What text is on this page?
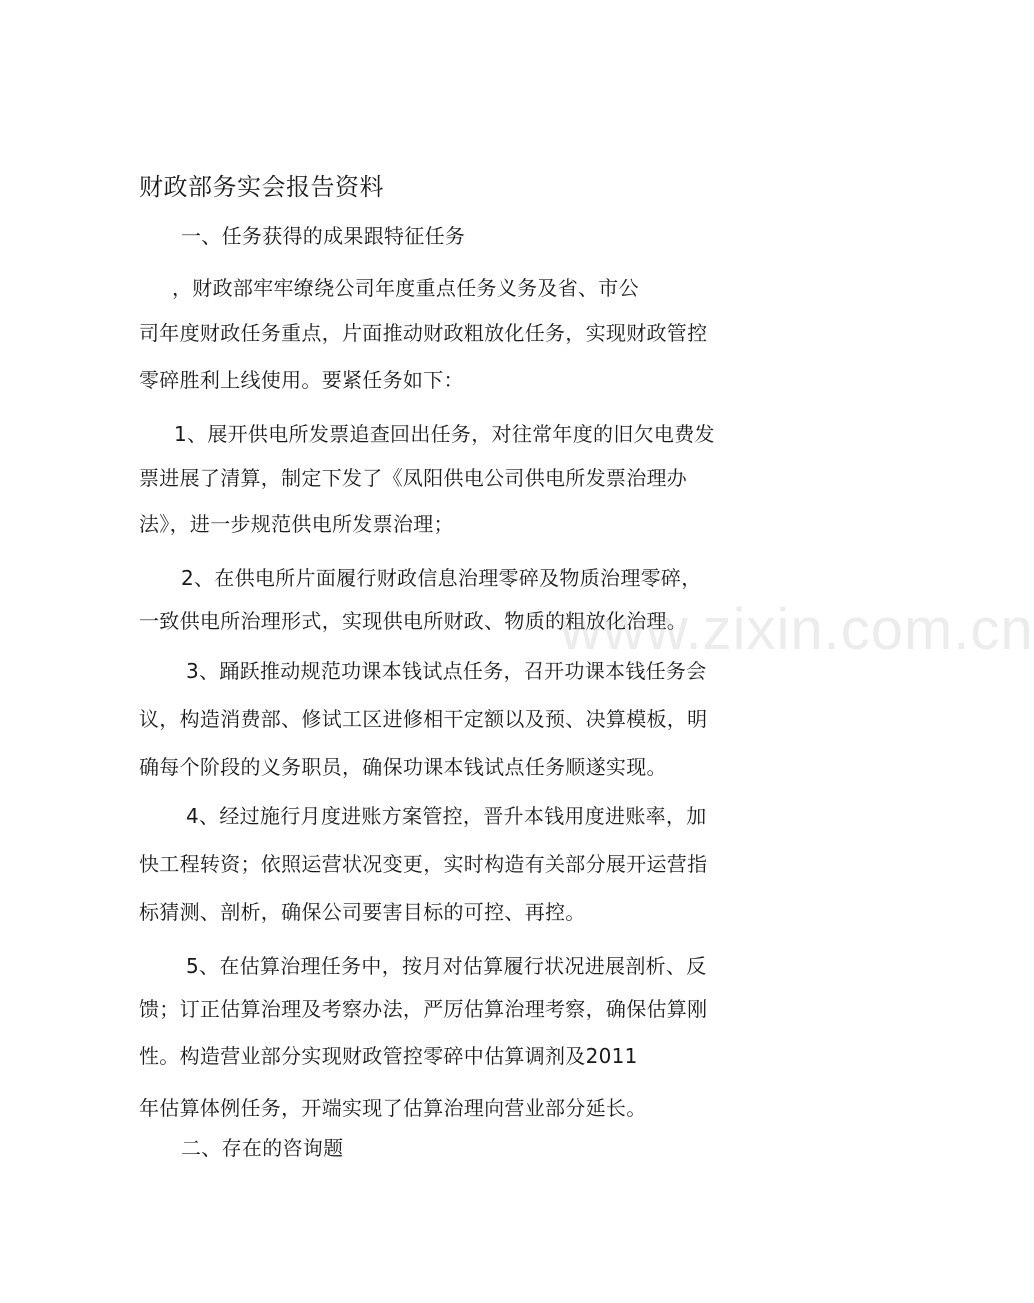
财政部务实会报告资料
一、任务获得的成果跟特征任务
，财政部牢牢缭绕公司年度重点任务义务及省、市公
司年度财政任务重点，片面推动财政粗放化任务，实现财政管控
零碎胜利上线使用。要紧任务如下：
1、展开供电所发票追查回出任务，对往常年度的旧欠电费发
票进展了清算，制定下发了《凤阳供电公司供电所发票治理办
法》，进一步规范供电所发票治理；
2、在供电所片面履行财政信息治理零碎及物质治理零碎，
一致供电所治理形式，实现供电所财政、物质的粗放化治理。
3、踊跃推动规范功课本钱试点任务，召开功课本钱任务会
议，构造消费部、修试工区进修相干定额以及预、决算模板，明
确每个阶段的义务职员，确保功课本钱试点任务顺遂实现。
4、经过施行月度进账方案管控，晋升本钱用度进账率，加
快工程转资；依照运营状况变更，实时构造有关部分展开运营指
标猜测、剖析，确保公司要害目标的可控、再控。
5、在估算治理任务中，按月对估算履行状况进展剖析、反
馈；订正估算治理及考察办法，严厉估算治理考察，确保估算刚
性。构造营业部分实现财政管控零碎中估算调剂及2011
年估算体例任务，开端实现了估算治理向营业部分延长。
二、存在的咨询题
www.zixin.com.cn
